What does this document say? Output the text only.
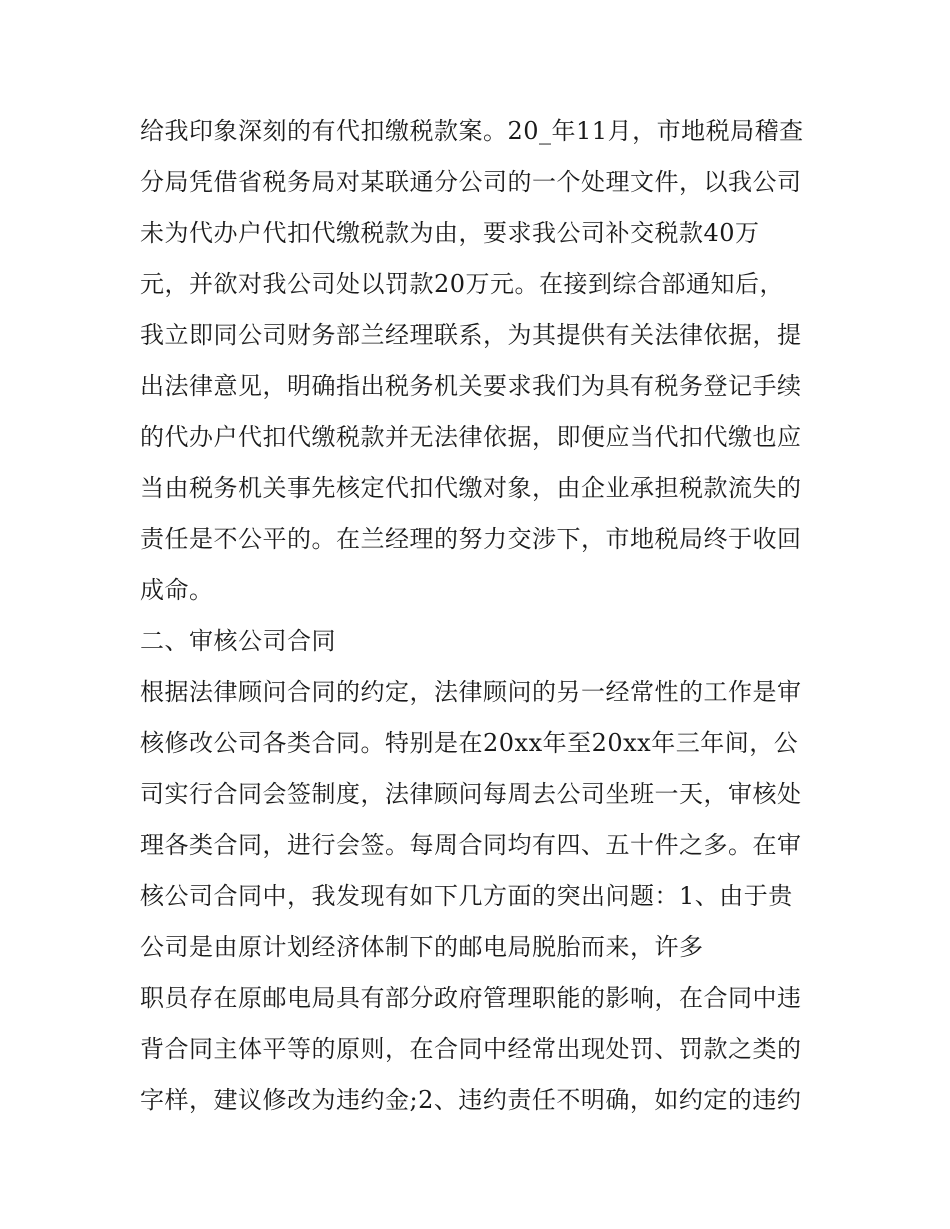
给我印象深刻的有代扣缴税款案。20_年11月，市地税局稽查
分局凭借省税务局对某联通分公司的一个处理文件，以我公司
未为代办户代扣代缴税款为由，要求我公司补交税款40万
元，并欲对我公司处以罚款20万元。在接到综合部通知后，
我立即同公司财务部兰经理联系，为其提供有关法律依据，提
出法律意见，明确指出税务机关要求我们为具有税务登记手续
的代办户代扣代缴税款并无法律依据，即便应当代扣代缴也应
当由税务机关事先核定代扣代缴对象，由企业承担税款流失的
责任是不公平的。在兰经理的努力交涉下，市地税局终于收回
成命。
二、审核公司合同
根据法律顾问合同的约定，法律顾问的另一经常性的工作是审
核修改公司各类合同。特别是在20xx年至20xx年三年间，公
司实行合同会签制度，法律顾问每周去公司坐班一天，审核处
理各类合同，进行会签。每周合同均有四、五十件之多。在审
核公司合同中，我发现有如下几方面的突出问题：1、由于贵
公司是由原计划经济体制下的邮电局脱胎而来，许多
职员存在原邮电局具有部分政府管理职能的影响，在合同中违
背合同主体平等的原则，在合同中经常出现处罚、罚款之类的
字样，建议修改为违约金;2、违约责任不明确，如约定的违约
